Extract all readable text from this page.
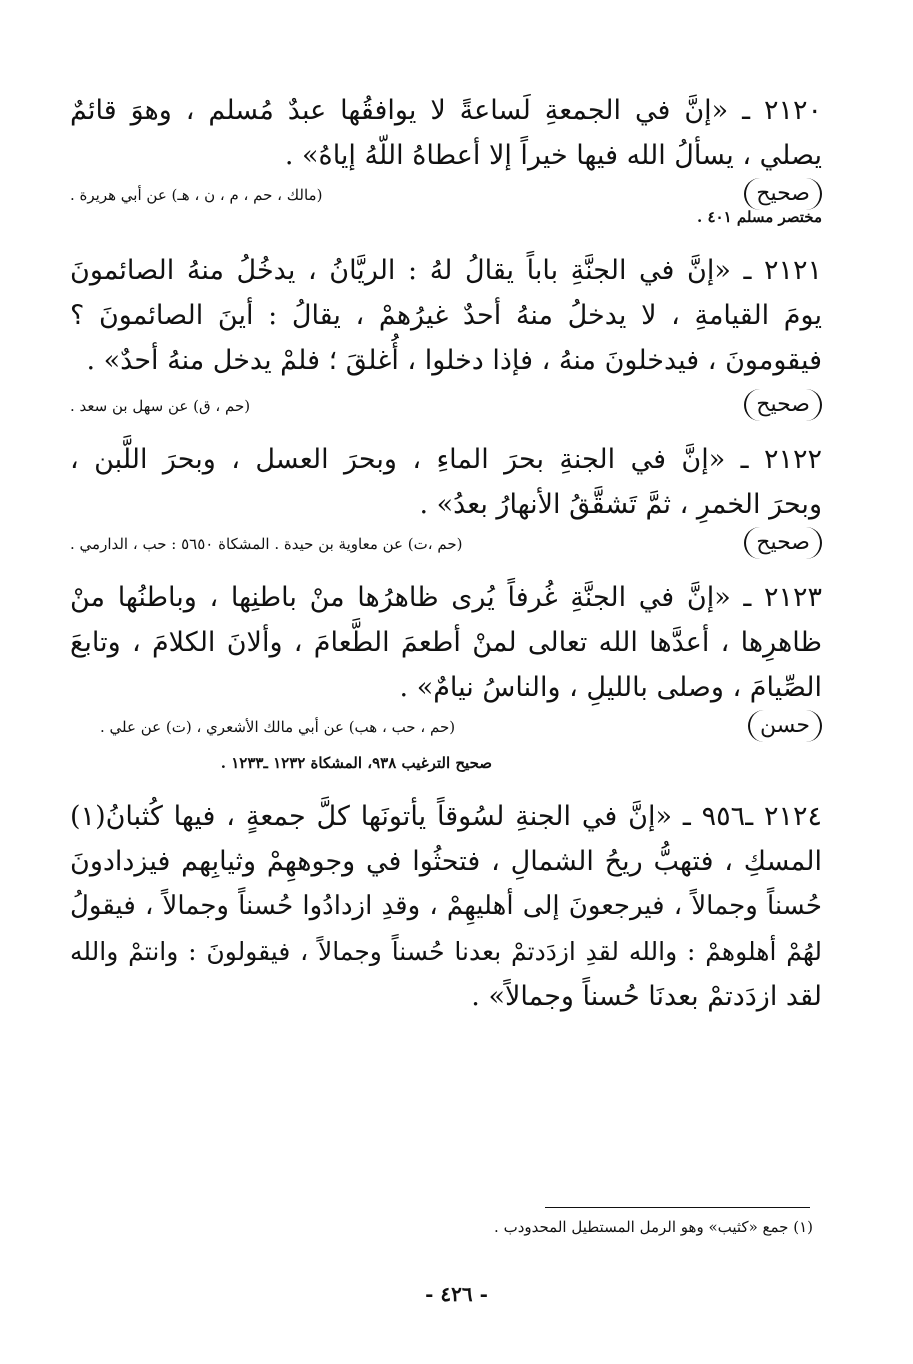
٢١٢٠ ـ «إنَّ في الجمعةِ لَساعةً لا يوافقُها عبدٌ مُسلم ، وهوَ قائمٌ
يصلي ، يسألُ الله فيها خيراً إلا أعطاهُ اللّهُ إياهُ» .
صحيح
(مالك ، حم ، م ، ن ، هـ) عن أبي هريرة .
مختصر مسلم ٤٠١ .
٢١٢١ ـ «إنَّ في الجنَّةِ باباً يقالُ لهُ : الريَّانُ ، يدخُلُ منهُ الصائمونَ
يومَ القيامةِ ، لا يدخلُ منهُ أحدٌ غيرُهمْ ، يقالُ : أينَ الصائمونَ ؟
فيقومونَ ، فيدخلونَ منهُ ، فإذا دخلوا ، أُغلقَ ؛ فلمْ يدخل منهُ أحدٌ» .
صحيح
(حم ، ق) عن سهل بن سعد .
٢١٢٢ ـ «إنَّ في الجنةِ بحرَ الماءِ ، وبحرَ العسل ، وبحرَ اللَّبن ،
وبحرَ الخمرِ ، ثمَّ تَشقَّقُ الأنهارُ بعدُ» .
صحيح
(حم ،ت) عن معاوية بن حيدة . المشكاة ٥٦٥٠ : حب ، الدارمي .
٢١٢٣ ـ «إنَّ في الجنَّةِ غُرفاً يُرى ظاهرُها منْ باطنِها ، وباطنُها منْ
ظاهرِها ، أعدَّها الله تعالى لمنْ أطعمَ الطَّعامَ ، وألانَ الكلامَ ، وتابعَ
الصِّيامَ ، وصلى بالليلِ ، والناسُ نيامٌ» .
حسن
(حم ، حب ، هب) عن أبي مالك الأشعري ، (ت) عن علي .
صحيح الترغيب ٩٣٨، المشكاة ١٢٣٢ ـ١٢٣٣ .
٢١٢٤ ـ٩٥٦ ـ «إنَّ في الجنةِ لسُوقاً يأتونَها كلَّ جمعةٍ ، فيها كُثبانُ(١)
المسكِ ، فتهبُّ ريحُ الشمالِ ، فتحثُوا في وجوههِمْ وثيابِهم فيزدادونَ
حُسناً وجمالاً ، فيرجعونَ إلى أهليهِمْ ، وقدِ ازدادُوا حُسناً وجمالاً ، فيقولُ
لهُمْ أهلوهمْ : والله لقدِ ازدَدتمْ بعدنا حُسناً وجمالاً ، فيقولونَ : وانتمْ والله
لقد ازدَدتمْ بعدنَا حُسناً وجمالاً» .
(١) جمع «كثيب» وهو الرمل المستطيل المحدودب .
- ٤٢٦ -
